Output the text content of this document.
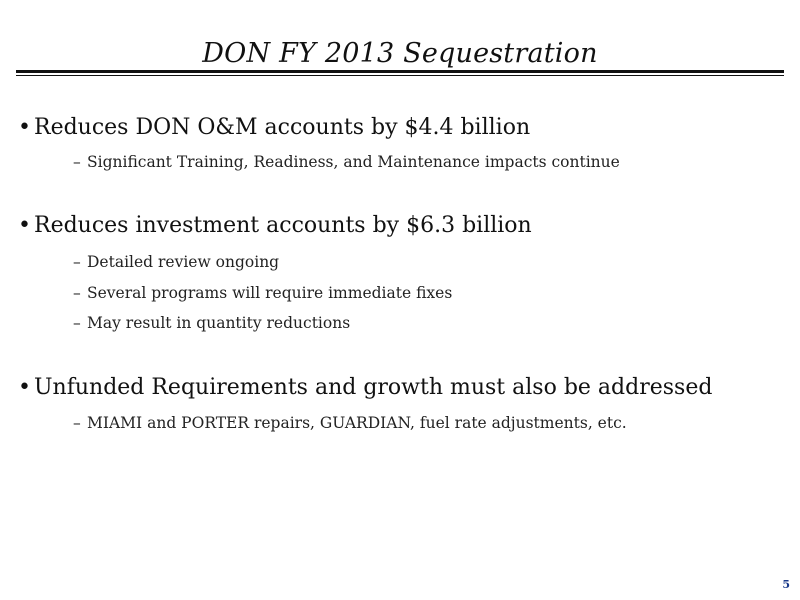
DON FY 2013 Sequestration
• Reduces DON O&M accounts by $4.4 billion
– Significant Training, Readiness, and Maintenance impacts continue
• Reduces investment accounts by $6.3 billion
– Detailed review ongoing
– Several programs will require immediate fixes
– May result in quantity reductions
• Unfunded Requirements and growth must also be addressed
– MIAMI and PORTER repairs, GUARDIAN, fuel rate adjustments, etc.
5
